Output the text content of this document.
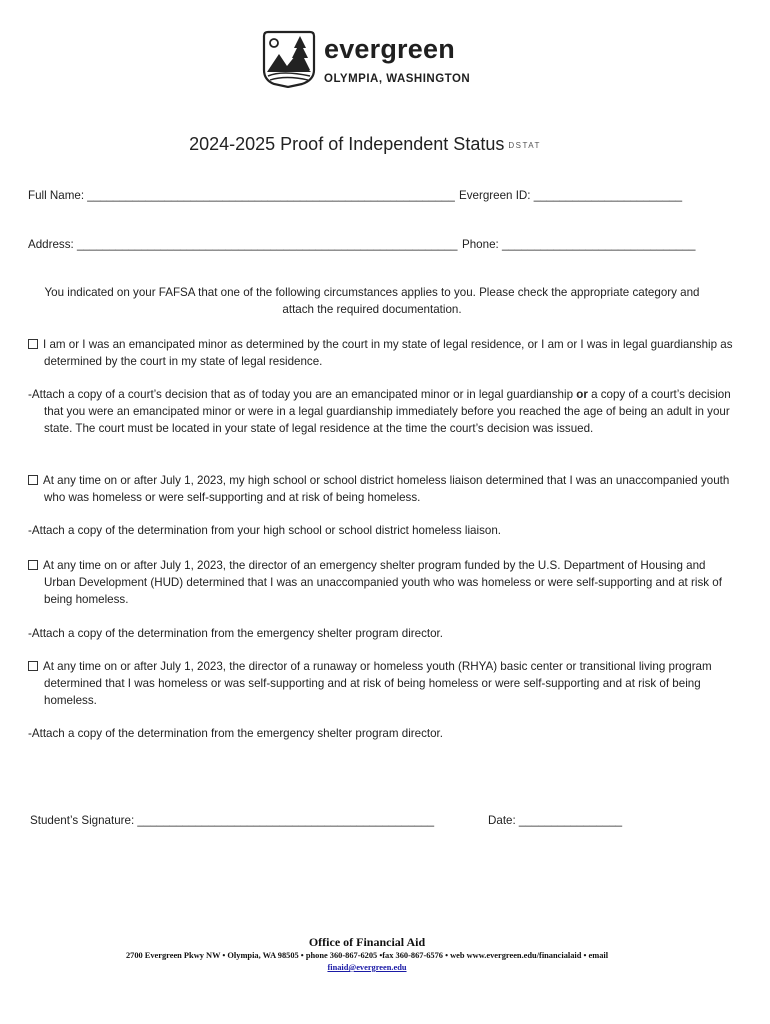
evergreen
OLYMPIA, WASHINGTON
2024-2025 Proof of Independent Status DSTAT
Full Name: _________________________________________________________ Evergreen ID: _______________________
Address: ___________________________________________________________ Phone: ______________________________
You indicated on your FAFSA that one of the following circumstances applies to you. Please check the appropriate category and attach the required documentation.
I am or I was an emancipated minor as determined by the court in my state of legal residence, or I am or I was in legal guardianship as determined by the court in my state of legal residence.
-Attach a copy of a court’s decision that as of today you are an emancipated minor or in legal guardianship or a copy of a court’s decision that you were an emancipated minor or were in a legal guardianship immediately before you reached the age of being an adult in your state. The court must be located in your state of legal residence at the time the court’s decision was issued.
At any time on or after July 1, 2023, my high school or school district homeless liaison determined that I was an unaccompanied youth who was homeless or were self-supporting and at risk of being homeless.
-Attach a copy of the determination from your high school or school district homeless liaison.
At any time on or after July 1, 2023, the director of an emergency shelter program funded by the U.S. Department of Housing and Urban Development (HUD) determined that I was an unaccompanied youth who was homeless or were self-supporting and at risk of being homeless.
-Attach a copy of the determination from the emergency shelter program director.
At any time on or after July 1, 2023, the director of a runaway or homeless youth (RHYA) basic center or transitional living program determined that I was homeless or was self-supporting and at risk of being homeless or were self-supporting and at risk of being homeless.
-Attach a copy of the determination from the emergency shelter program director.
Student’s Signature: ______________________________________________	Date: ________________
Office of Financial Aid
2700 Evergreen Pkwy NW • Olympia, WA 98505 • phone 360-867-6205 •fax 360-867-6576 • web www.evergreen.edu/financialaid • email
finaid@evergreen.edu
